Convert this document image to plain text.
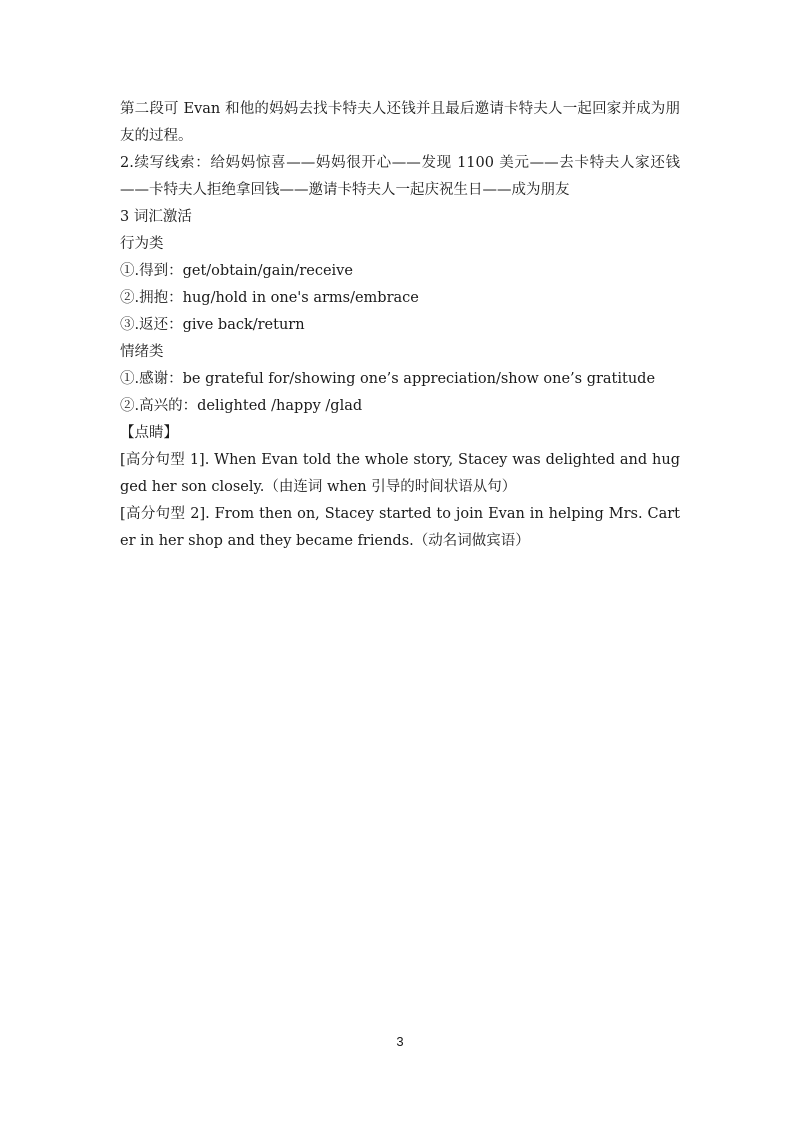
第二段可 Evan 和他的妈妈去找卡特夫人还钱并且最后邀请卡特夫人一起回家并成为朋友的过程。

2.续写线索：给妈妈惊喜——妈妈很开心——发现 1100 美元——去卡特夫人家还钱——卡特夫人拒绝拿回钱——邀请卡特夫人一起庆祝生日——成为朋友

3 词汇激活

行为类

①.得到：get/obtain/gain/receive

②.拥抱：hug/hold in one's arms/embrace

③.返还：give back/return

情绪类

①.感谢：be grateful for/showing one’s appreciation/show one’s gratitude

②.高兴的：delighted /happy /glad

【点睛】

[高分句型 1]. When Evan told the whole story, Stacey was delighted and hugged her son closely.（由连词 when 引导的时间状语从句）

[高分句型 2]. From then on, Stacey started to join Evan in helping Mrs. Carter in her shop and they became friends.（动名词做宾语）

3
